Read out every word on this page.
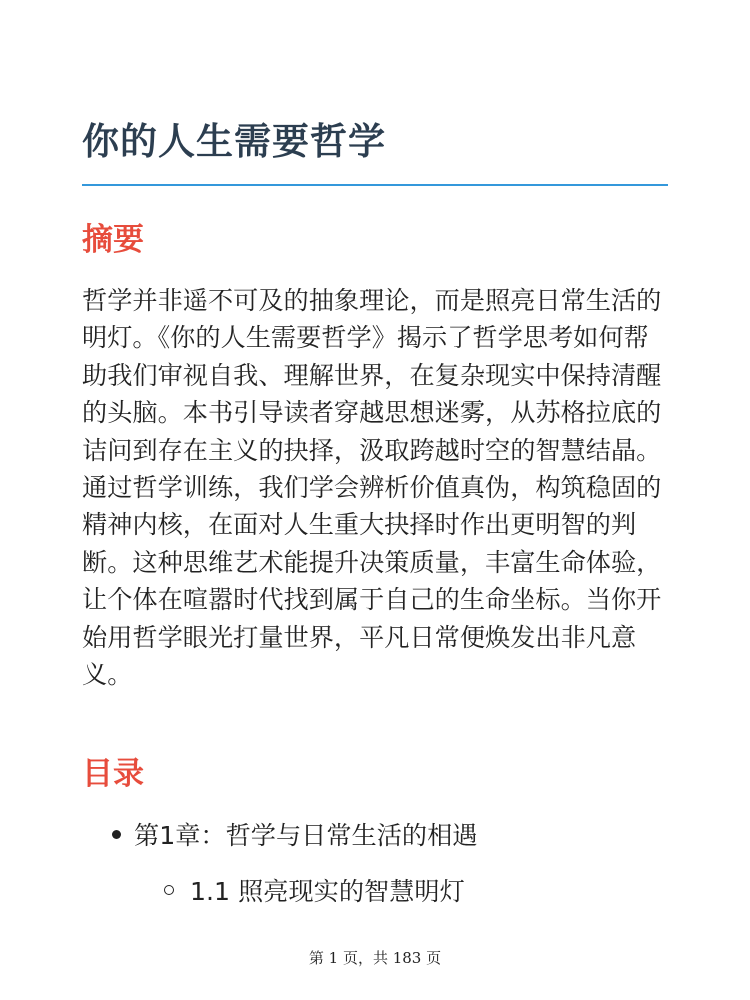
你的人生需要哲学
摘要

哲学并非遥不可及的抽象理论，而是照亮日常生活的明灯。《你的人生需要哲学》揭示了哲学思考如何帮助我们审视自我、理解世界，在复杂现实中保持清醒的头脑。本书引导读者穿越思想迷雾，从苏格拉底的诘问到存在主义的抉择，汲取跨越时空的智慧结晶。通过哲学训练，我们学会辨析价值真伪，构筑稳固的精神内核，在面对人生重大抉择时作出更明智的判断。这种思维艺术能提升决策质量，丰富生命体验，让个体在喧嚣时代找到属于自己的生命坐标。当你开始用哲学眼光打量世界，平凡日常便焕发出非凡意义。

目录
第1章：哲学与日常生活的相遇
1.1 照亮现实的智慧明灯
第 1 页，共 183 页
